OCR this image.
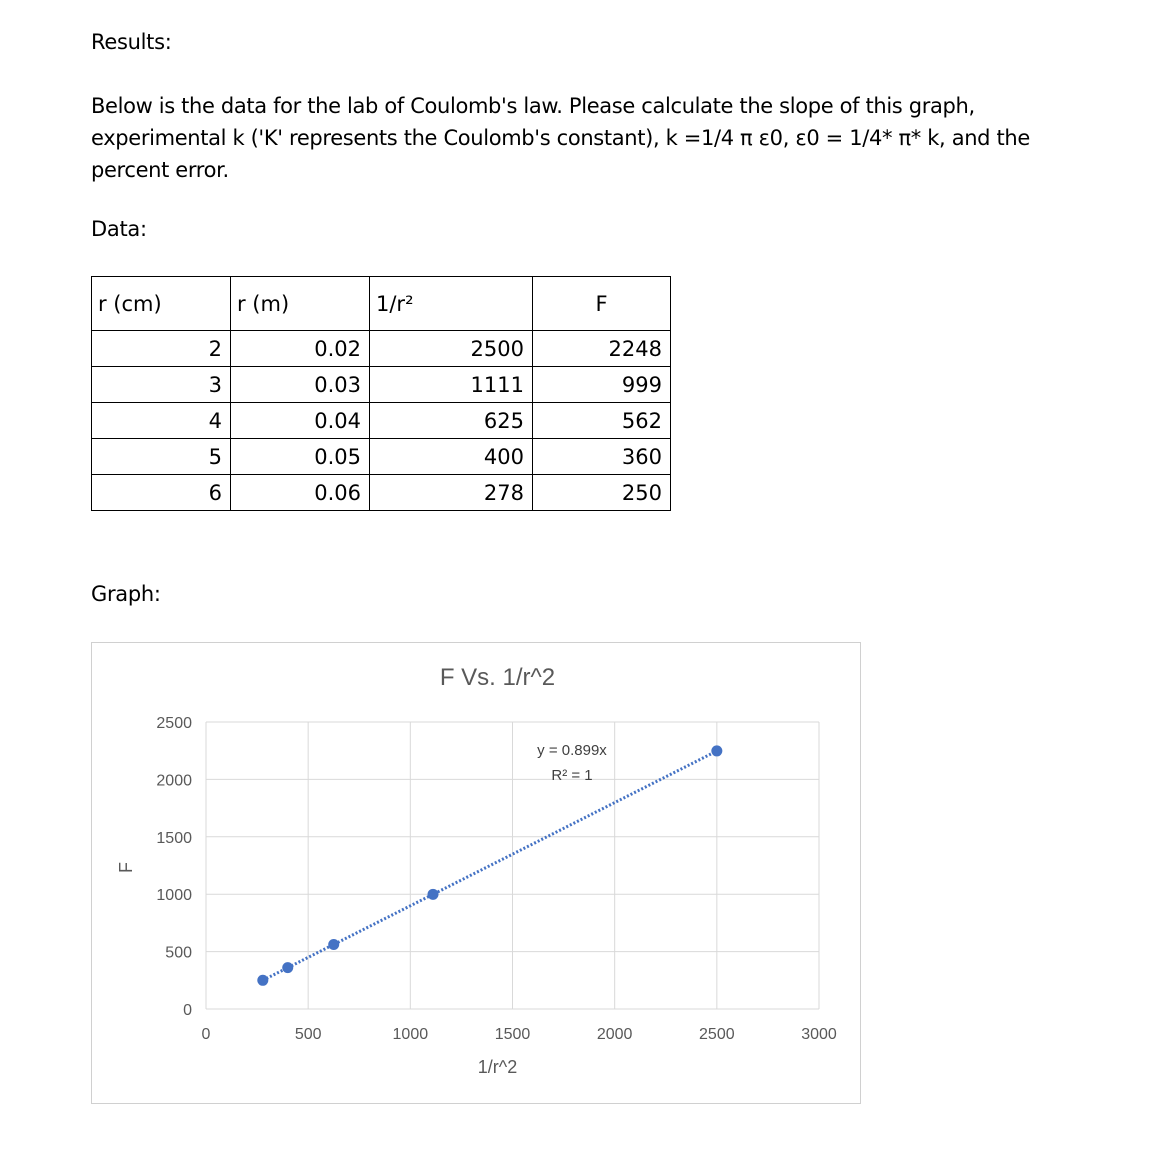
Results:

Below is the data for the lab of Coulomb's law. Please calculate the slope of this graph, experimental k ('K' represents the Coulomb's constant), k =1/4 π ε0, ε0 = 1/4* π* k, and the percent error.

Data:
r (cm)	r (m)	1/r²	F
2	0.02	2500	2248
3	0.03	1111	999
4	0.04	625	562
5	0.05	400	360
6	0.06	278	250
Graph:
0
500
1000
1500
2000
2500
0	500	1000	1500	2000	2500	3000
F Vs. 1/r^2
1/r^2
F
y = 0.899x
R² = 1
